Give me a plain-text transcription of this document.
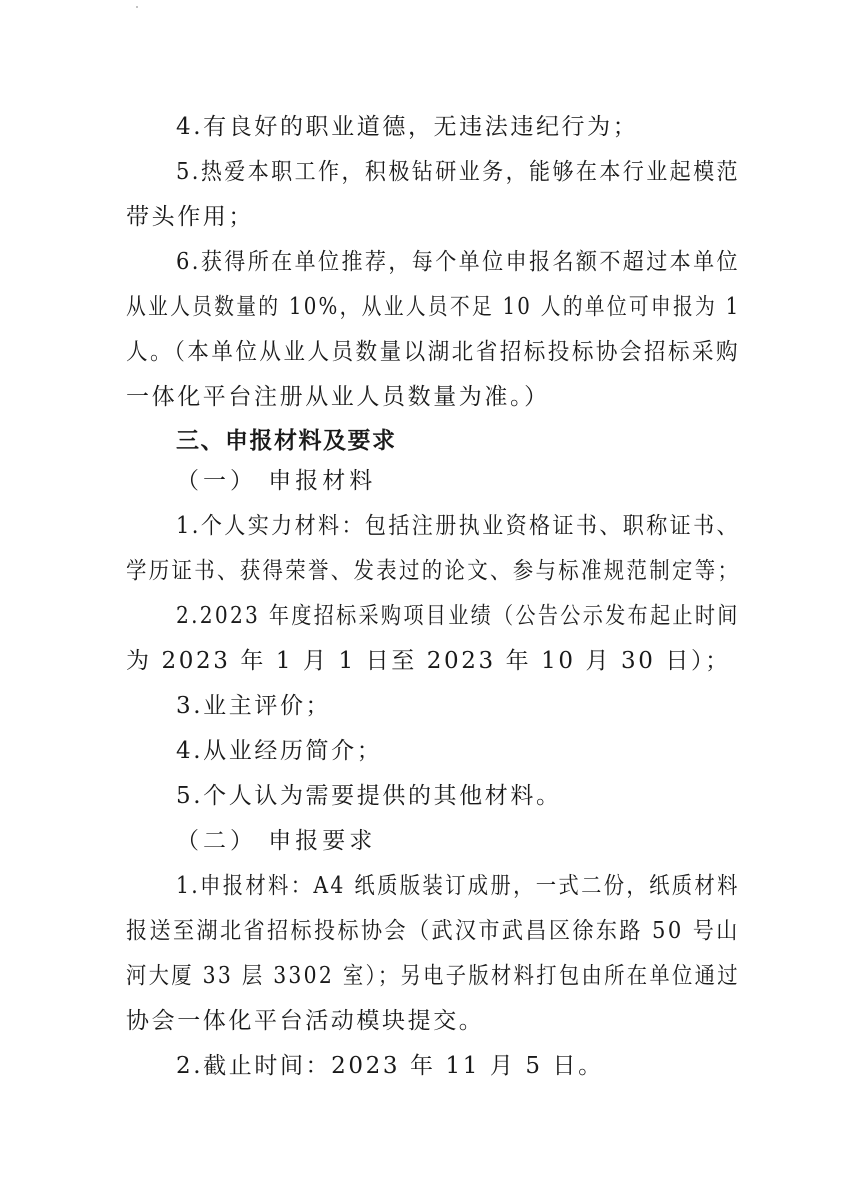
4.有良好的职业道德，无违法违纪行为；
5.热爱本职工作，积极钻研业务，能够在本行业起模范
带头作用；
6.获得所在单位推荐，每个单位申报名额不超过本单位
从业人员数量的 10%，从业人员不足 10 人的单位可申报为 1
人。（本单位从业人员数量以湖北省招标投标协会招标采购
一体化平台注册从业人员数量为准。）
三、申报材料及要求
（一） 申报材料
1.个人实力材料：包括注册执业资格证书、职称证书、
学历证书、获得荣誉、发表过的论文、参与标准规范制定等；
2.2023 年度招标采购项目业绩（公告公示发布起止时间
为 2023 年 1 月 1 日至 2023 年 10 月 30 日）；
3.业主评价；
4.从业经历简介；
5.个人认为需要提供的其他材料。
（二） 申报要求
1.申报材料：A4 纸质版装订成册，一式二份，纸质材料
报送至湖北省招标投标协会（武汉市武昌区徐东路 50 号山
河大厦 33 层 3302 室）；另电子版材料打包由所在单位通过
协会一体化平台活动模块提交。
2.截止时间：2023 年 11 月 5 日。
